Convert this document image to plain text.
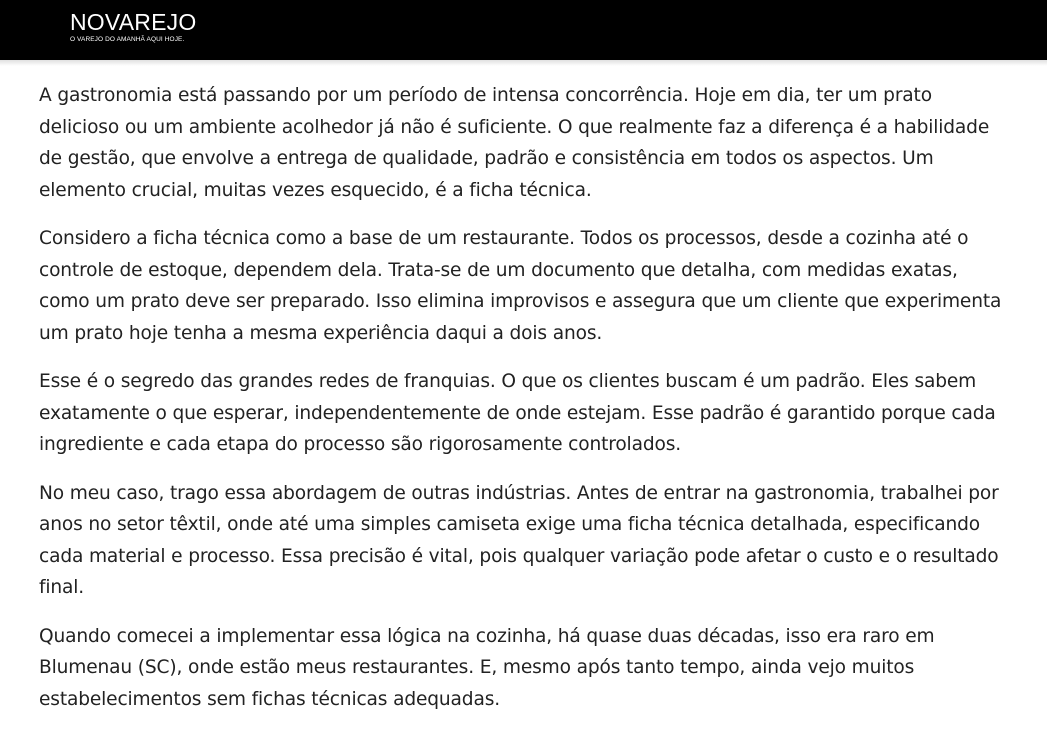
NOVAREJO
O VAREJO DO AMANHÃ AQUI HOJE.

A gastronomia está passando por um período de intensa concorrência. Hoje em dia, ter um prato delicioso ou um ambiente acolhedor já não é suficiente. O que realmente faz a diferença é a habilidade de gestão, que envolve a entrega de qualidade, padrão e consistência em todos os aspectos. Um elemento crucial, muitas vezes esquecido, é a ficha técnica.

Considero a ficha técnica como a base de um restaurante. Todos os processos, desde a cozinha até o controle de estoque, dependem dela. Trata-se de um documento que detalha, com medidas exatas, como um prato deve ser preparado. Isso elimina improvisos e assegura que um cliente que experimenta um prato hoje tenha a mesma experiência daqui a dois anos.

Esse é o segredo das grandes redes de franquias. O que os clientes buscam é um padrão. Eles sabem exatamente o que esperar, independentemente de onde estejam. Esse padrão é garantido porque cada ingrediente e cada etapa do processo são rigorosamente controlados.

No meu caso, trago essa abordagem de outras indústrias. Antes de entrar na gastronomia, trabalhei por anos no setor têxtil, onde até uma simples camiseta exige uma ficha técnica detalhada, especificando cada material e processo. Essa precisão é vital, pois qualquer variação pode afetar o custo e o resultado final.

Quando comecei a implementar essa lógica na cozinha, há quase duas décadas, isso era raro em Blumenau (SC), onde estão meus restaurantes. E, mesmo após tanto tempo, ainda vejo muitos estabelecimentos sem fichas técnicas adequadas.
